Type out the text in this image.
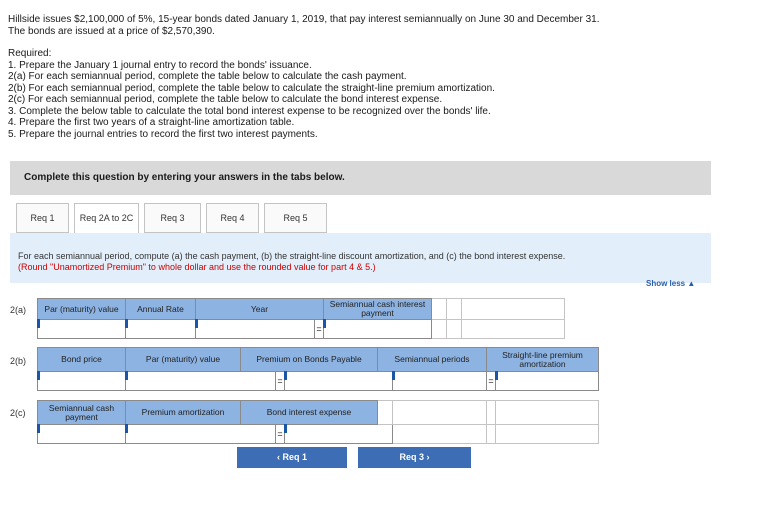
Hillside issues $2,100,000 of 5%, 15-year bonds dated January 1, 2019, that pay interest semiannually on June 30 and December 31.
The bonds are issued at a price of $2,570,390.
Required:
1. Prepare the January 1 journal entry to record the bonds' issuance.
2(a) For each semiannual period, complete the table below to calculate the cash payment.
2(b) For each semiannual period, complete the table below to calculate the straight-line premium amortization.
2(c) For each semiannual period, complete the table below to calculate the bond interest expense.
3. Complete the below table to calculate the total bond interest expense to be recognized over the bonds' life.
4. Prepare the first two years of a straight-line amortization table.
5. Prepare the journal entries to record the first two interest payments.
Complete this question by entering your answers in the tabs below.
Req 1	Req 2A to 2C	Req 3	Req 4	Req 5
For each semiannual period, compute (a) the cash payment, (b) the straight-line discount amortization, and (c) the bond interest expense.
(Round "Unamortized Premium" to whole dollar and use the rounded value for part 4 & 5.)
Show less ▲
2(a) Par (maturity) value	Annual Rate	Year		Semiannual cash interest payment			
			=				
2(b)	Bond price	Par (maturity) value	Premium on Bonds Payable			Semiannual periods		Straight-line premium amortization	
		=				=	
2(c)
Semiannual cash payment	Premium amortization	Bond interest expense						
		=				
‹ Req 1	Req 3 ›
